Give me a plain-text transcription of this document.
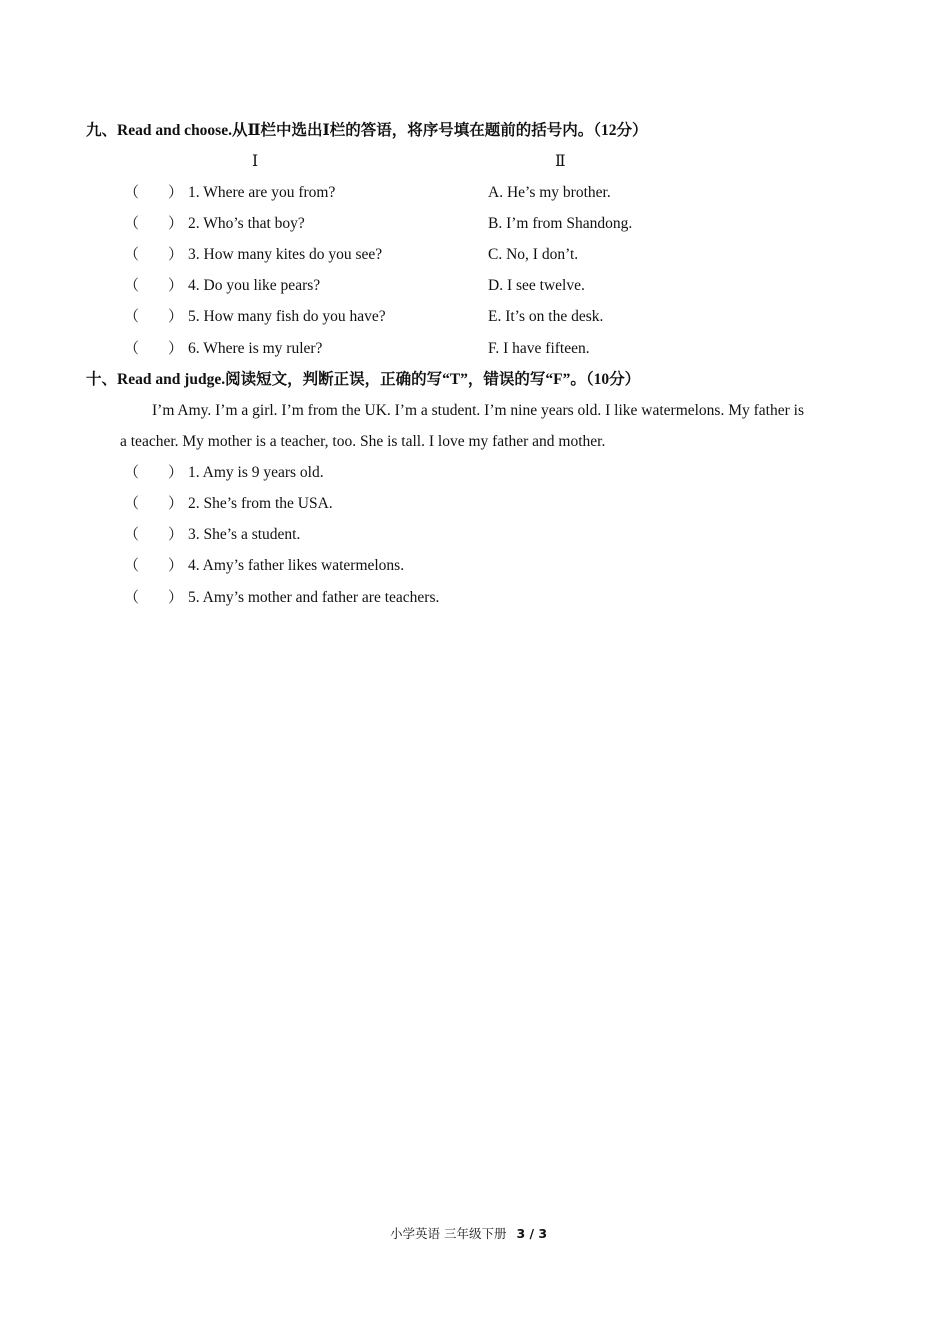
九、Read and choose.从Ⅱ栏中选出Ⅰ栏的答语，将序号填在题前的括号内。（12分）
Ⅰ	Ⅱ
（ ） 1. Where are you from?	A. He’s my brother.
（ ） 2. Who’s that boy?	B. I’m from Shandong.
（ ） 3. How many kites do you see?	C. No, I don’t.
（ ） 4. Do you like pears?	D. I see twelve.
（ ） 5. How many fish do you have?	E. It’s on the desk.
（ ） 6. Where is my ruler?	F. I have fifteen.
十、Read and judge.阅读短文，判断正误，正确的写“T”，错误的写“F”。（10分）
I’m Amy. I’m a girl. I’m from the UK. I’m a student. I’m nine years old. I like watermelons. My father is
a teacher. My mother is a teacher, too. She is tall. I love my father and mother.
（ ） 1. Amy is 9 years old.
（ ） 2. She’s from the USA.
（ ） 3. She’s a student.
（ ） 4. Amy’s father likes watermelons.
（ ） 5. Amy’s mother and father are teachers.
小学英语 三年级下册 3 / 3
